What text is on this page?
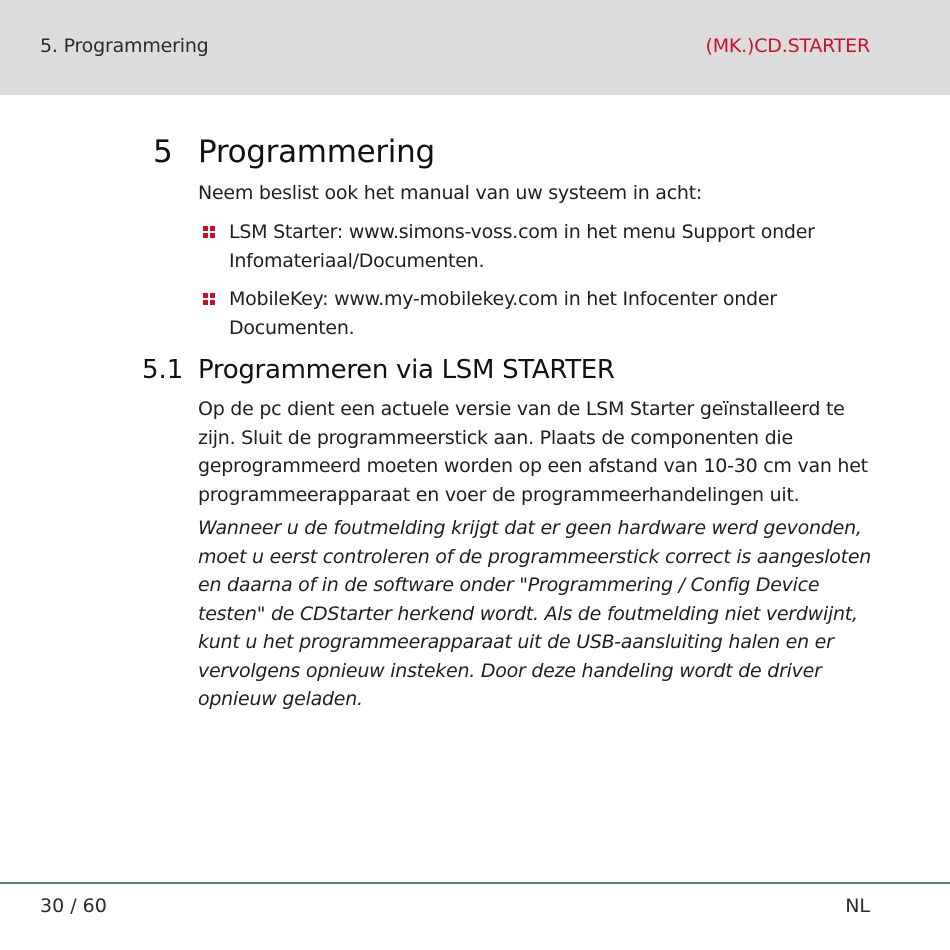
5. Programmering	(MK.)CD.STARTER
5 Programmering
Neem beslist ook het manual van uw systeem in acht:
LSM Starter: www.simons-voss.com in het menu Support onder Infomateriaal/Documenten.
MobileKey: www.my-mobilekey.com in het Infocenter onder Documenten.
5.1 Programmeren via LSM STARTER
Op de pc dient een actuele versie van de LSM Starter geïnstalleerd te zijn. Sluit de programmeerstick aan. Plaats de componenten die geprogrammeerd moeten worden op een afstand van 10-30 cm van het programmeerapparaat en voer de programmeerhandelingen uit.
Wanneer u de foutmelding krijgt dat er geen hardware werd gevonden, moet u eerst controleren of de programmeerstick correct is aangesloten en daarna of in de software onder "Programmering / Config Device testen" de CDStarter herkend wordt. Als de foutmelding niet verdwijnt, kunt u het programmeerapparaat uit de USB-aansluiting halen en er vervolgens opnieuw insteken. Door deze handeling wordt de driver opnieuw geladen.
30 / 60	NL
